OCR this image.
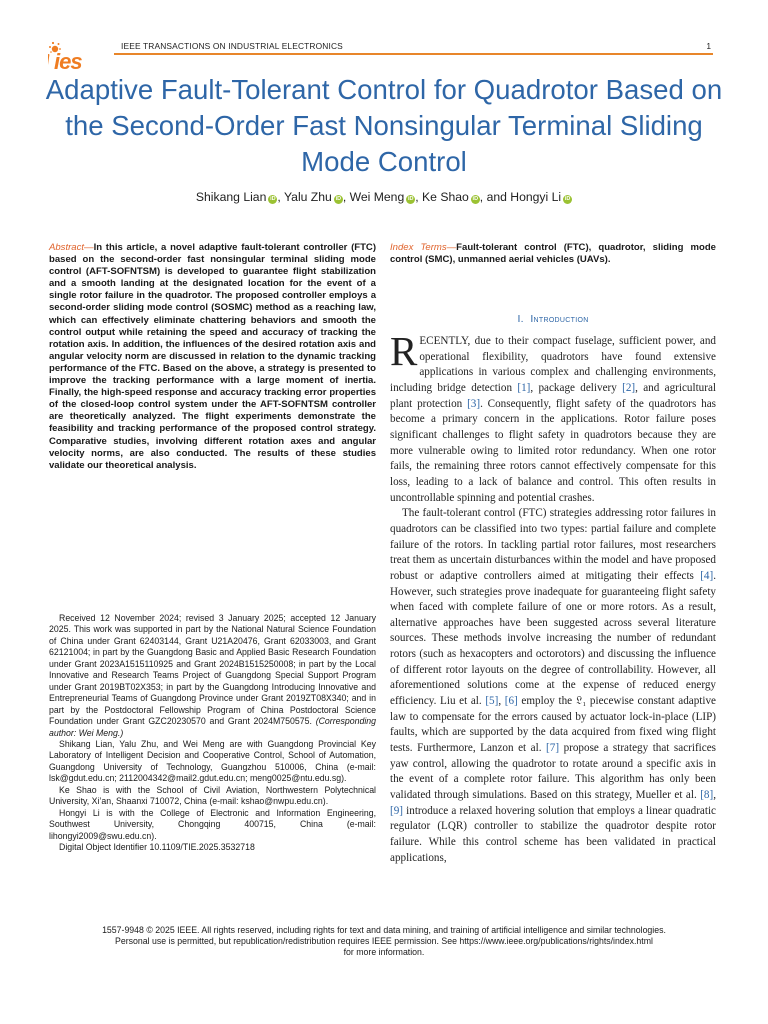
ies
IEEE TRANSACTIONS ON INDUSTRIAL ELECTRONICS	1
Adaptive Fault-Tolerant Control for Quadrotor Based on the Second-Order Fast Nonsingular Terminal Sliding Mode Control
Shikang Lian iD , Yalu Zhu iD , Wei Meng iD , Ke Shao iD , and Hongyi Li iD
Abstract—In this article, a novel adaptive fault-tolerant controller (FTC) based on the second-order fast nonsingular terminal sliding mode control (AFT-SOFNTSM) is developed to guarantee flight stabilization and a smooth landing at the designated location for the event of a single rotor failure in the quadrotor. The proposed controller employs a second-order sliding mode control (SOSMC) method as a reaching law, which can effectively eliminate chattering behaviors and smooth the control output while retaining the speed and accuracy of tracking the rotation axis. In addition, the influences of the desired rotation axis and angular velocity norm are discussed in relation to the dynamic tracking performance of the FTC. Based on the above, a strategy is presented to improve the tracking performance with a large moment of inertia. Finally, the high-speed response and accuracy tracking error properties of the closed-loop control system under the AFT-SOFNTSM controller are theoretically analyzed. The flight experiments demonstrate the feasibility and tracking performance of the proposed control strategy. Comparative studies, involving different rotation axes and angular velocity norms, are also conducted. The results of these studies validate our theoretical analysis.
Index Terms—Fault-tolerant control (FTC), quadrotor, sliding mode control (SMC), unmanned aerial vehicles (UAVs).
I. Introduction

RECENTLY, due to their compact fuselage, sufficient power, and operational flexibility, quadrotors have found extensive applications in various complex and challenging environments, including bridge detection [1], package delivery [2], and agricultural plant protection [3]. Consequently, flight safety of the quadrotors has become a primary concern in the applications. Rotor failure poses significant challenges to flight safety in quadrotors because they are more vulnerable owing to limited rotor redundancy. When one rotor fails, the remaining three rotors cannot effectively compensate for this loss, leading to a lack of balance and control. This often results in uncontrollable spinning and potential crashes.

The fault-tolerant control (FTC) strategies addressing rotor failures in quadrotors can be classified into two types: partial failure and complete failure of the rotors. In tackling partial rotor failures, most researchers treat them as uncertain disturbances within the model and have proposed robust or adaptive controllers aimed at mitigating their effects [4]. However, such strategies prove inadequate for guaranteeing flight safety when faced with complete failure of one or more rotors. As a result, alternative approaches have been suggested across several literature sources. These methods involve increasing the number of redundant rotors (such as hexacopters and octorotors) and discussing the influence of different rotor layouts on the degree of controllability. However, all aforementioned solutions come at the expense of reduced energy efficiency. Liu et al. [5], [6] employ the 𝔏₁ piecewise constant adaptive law to compensate for the errors caused by actuator lock-in-place (LIP) faults, which are supported by the data acquired from fixed wing flight tests. Furthermore, Lanzon et al. [7] propose a strategy that sacrifices yaw control, allowing the quadrotor to rotate around a specific axis in the event of a complete rotor failure. This algorithm has only been validated through simulations. Based on this strategy, Mueller et al. [8], [9] introduce a relaxed hovering solution that employs a linear quadratic regulator (LQR) controller to stabilize the quadrotor despite rotor failure. While this control scheme has been validated in practical applications,

Received 12 November 2024; revised 3 January 2025; accepted 12 January 2025. This work was supported in part by the National Natural Science Foundation of China under Grant 62403144, Grant U21A20476, Grant 62033003, and Grant 62121004; in part by the Guangdong Basic and Applied Basic Research Foundation under Grant 2023A1515110925 and Grant 2024B1515250008; in part by the Local Innovative and Research Teams Project of Guangdong Special Support Program under Grant 2019BT02X353; in part by the Guangdong Introducing Innovative and Entrepreneurial Teams of Guangdong Province under Grant 2019ZT08X340; and in part by the Postdoctoral Fellowship Program of China Postdoctoral Science Foundation under Grant GZC20230570 and Grant 2024M750575. (Corresponding author: Wei Meng.)

Shikang Lian, Yalu Zhu, and Wei Meng are with Guangdong Provincial Key Laboratory of Intelligent Decision and Cooperative Control, School of Automation, Guangdong University of Technology, Guangzhou 510006, China (e-mail: lsk@gdut.edu.cn; 2112004342@mail2.gdut.edu.cn; meng0025@ntu.edu.sg).

Ke Shao is with the School of Civil Aviation, Northwestern Polytechnical University, Xi’an, Shaanxi 710072, China (e-mail: kshao@nwpu.edu.cn).

Hongyi Li is with the College of Electronic and Information Engineering, Southwest University, Chongqing 400715, China (e-mail: lihongyi2009@swu.edu.cn).

Digital Object Identifier 10.1109/TIE.2025.3532718

1557-9948 © 2025 IEEE. All rights reserved, including rights for text and data mining, and training of artificial intelligence and similar technologies.
Personal use is permitted, but republication/redistribution requires IEEE permission. See https://www.ieee.org/publications/rights/index.html
for more information.
